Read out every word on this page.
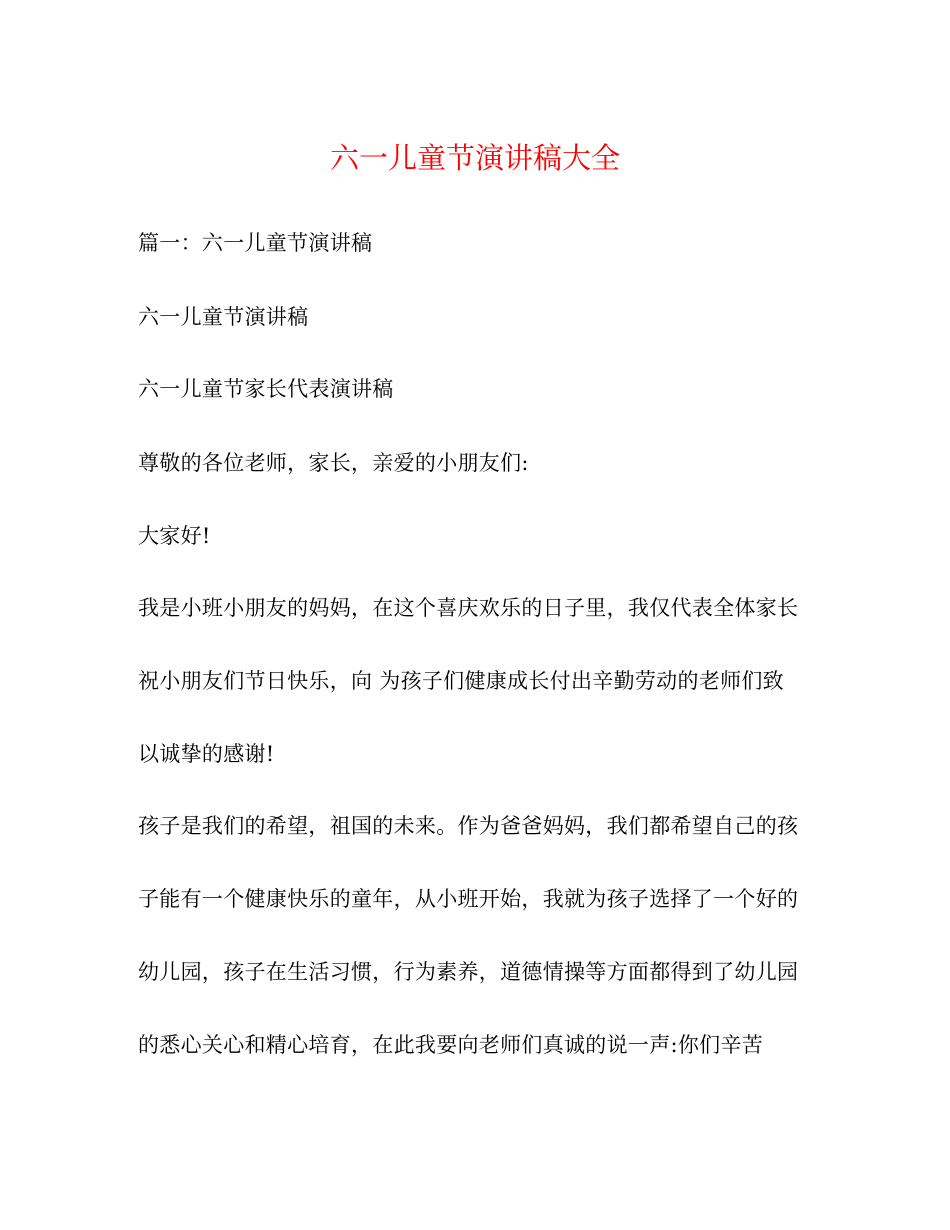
六一儿童节演讲稿大全
篇一：六一儿童节演讲稿
六一儿童节演讲稿
六一儿童节家长代表演讲稿
尊敬的各位老师，家长，亲爱的小朋友们:
大家好!
我是小班小朋友的妈妈，在这个喜庆欢乐的日子里，我仅代表全体家长
祝小朋友们节日快乐，向 为孩子们健康成长付出辛勤劳动的老师们致
以诚挚的感谢!
孩子是我们的希望，祖国的未来。作为爸爸妈妈，我们都希望自己的孩
子能有一个健康快乐的童年，从小班开始，我就为孩子选择了一个好的
幼儿园，孩子在生活习惯，行为素养，道德情操等方面都得到了幼儿园
的悉心关心和精心培育，在此我要向老师们真诚的说一声:你们辛苦
